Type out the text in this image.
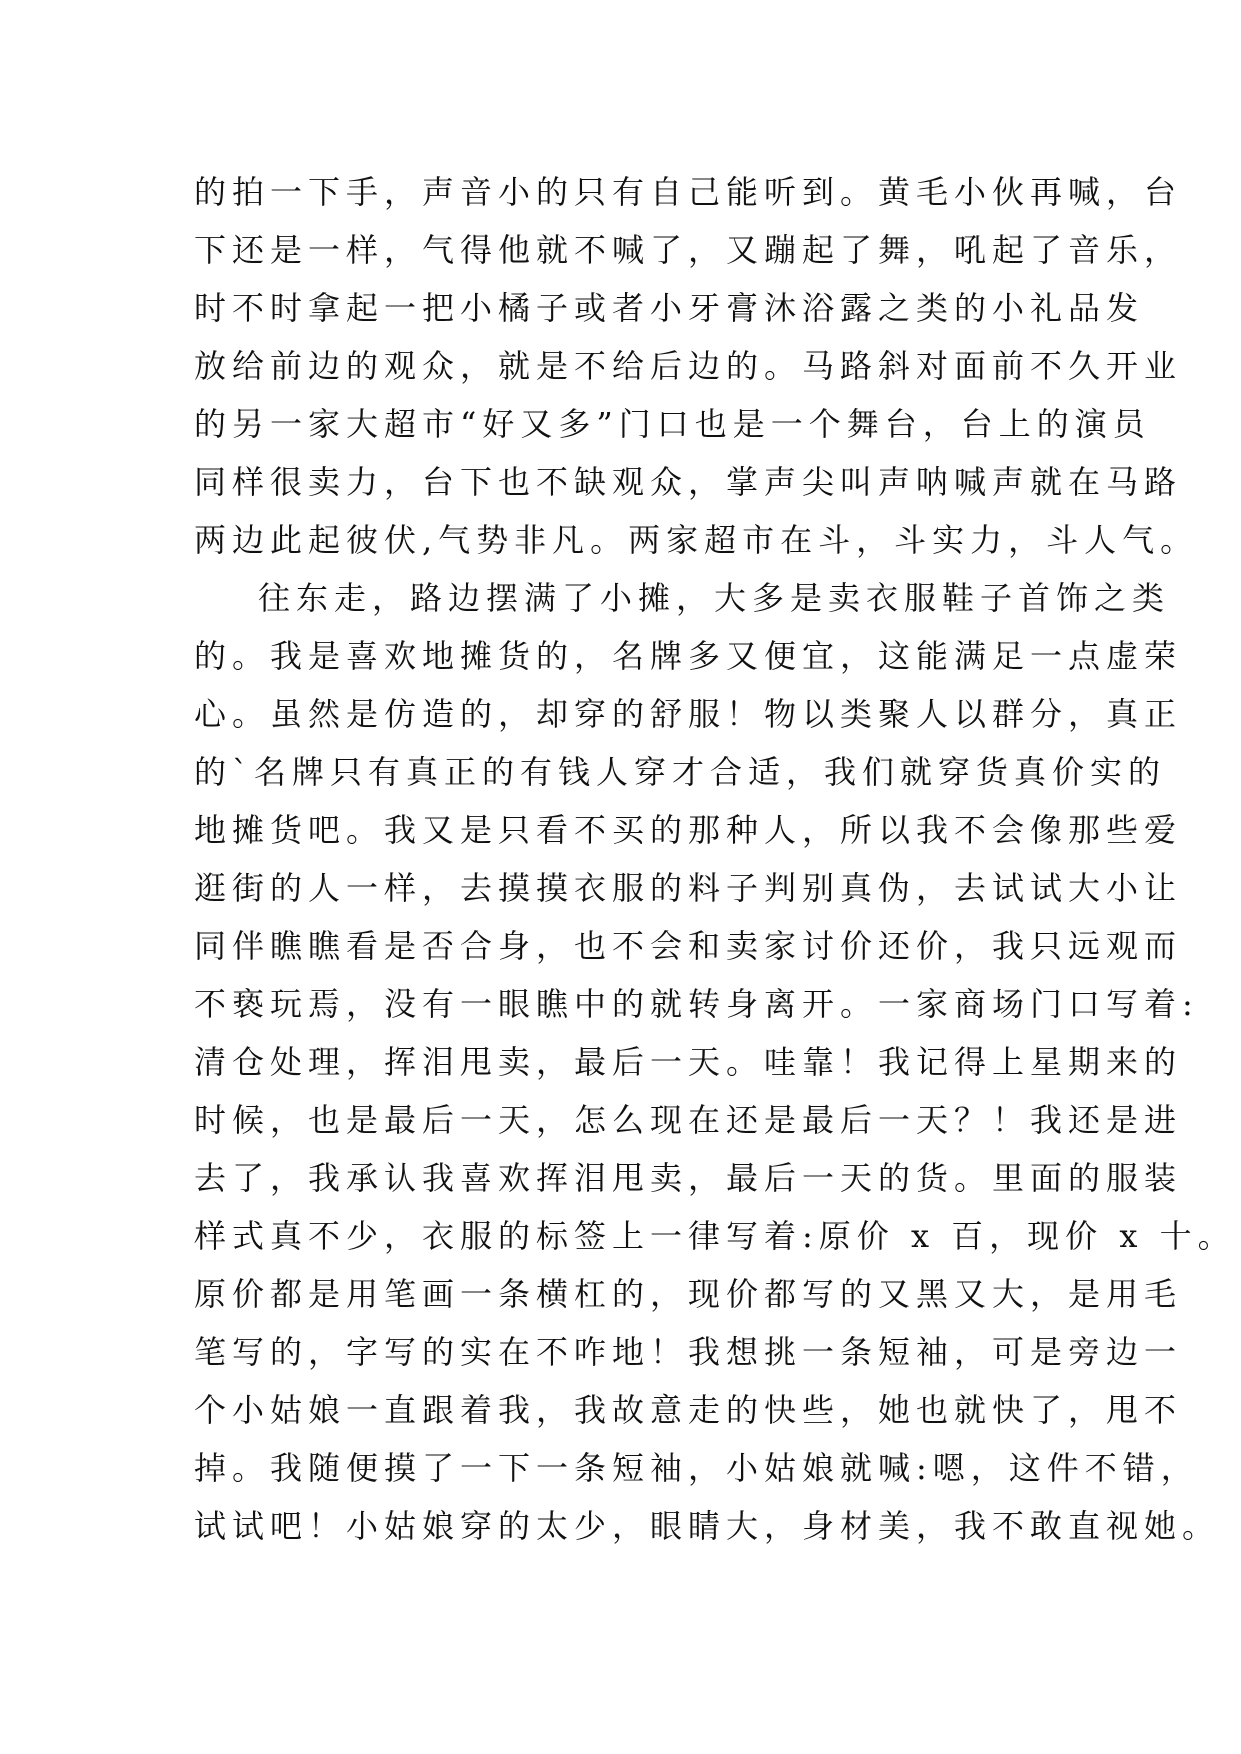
的拍一下手，声音小的只有自己能听到。黄毛小伙再喊，台
下还是一样，气得他就不喊了，又蹦起了舞，吼起了音乐，
时不时拿起一把小橘子或者小牙膏沐浴露之类的小礼品发
放给前边的观众，就是不给后边的。马路斜对面前不久开业
的另一家大超市“好又多”门口也是一个舞台，台上的演员
同样很卖力，台下也不缺观众，掌声尖叫声呐喊声就在马路
两边此起彼伏,气势非凡。两家超市在斗，斗实力，斗人气。
往东走，路边摆满了小摊，大多是卖衣服鞋子首饰之类
的。我是喜欢地摊货的，名牌多又便宜，这能满足一点虚荣
心。虽然是仿造的，却穿的舒服！物以类聚人以群分，真正
的`名牌只有真正的有钱人穿才合适，我们就穿货真价实的
地摊货吧。我又是只看不买的那种人，所以我不会像那些爱
逛街的人一样，去摸摸衣服的料子判别真伪，去试试大小让
同伴瞧瞧看是否合身，也不会和卖家讨价还价，我只远观而
不亵玩焉，没有一眼瞧中的就转身离开。一家商场门口写着:
清仓处理，挥泪甩卖，最后一天。哇靠！我记得上星期来的
时候，也是最后一天，怎么现在还是最后一天？！我还是进
去了，我承认我喜欢挥泪甩卖，最后一天的货。里面的服装
样式真不少，衣服的标签上一律写着:原价 x 百，现价 x 十。
原价都是用笔画一条横杠的，现价都写的又黑又大，是用毛
笔写的，字写的实在不咋地！我想挑一条短袖，可是旁边一
个小姑娘一直跟着我，我故意走的快些，她也就快了，甩不
掉。我随便摸了一下一条短袖，小姑娘就喊:嗯，这件不错，
试试吧！小姑娘穿的太少，眼睛大，身材美，我不敢直视她。
